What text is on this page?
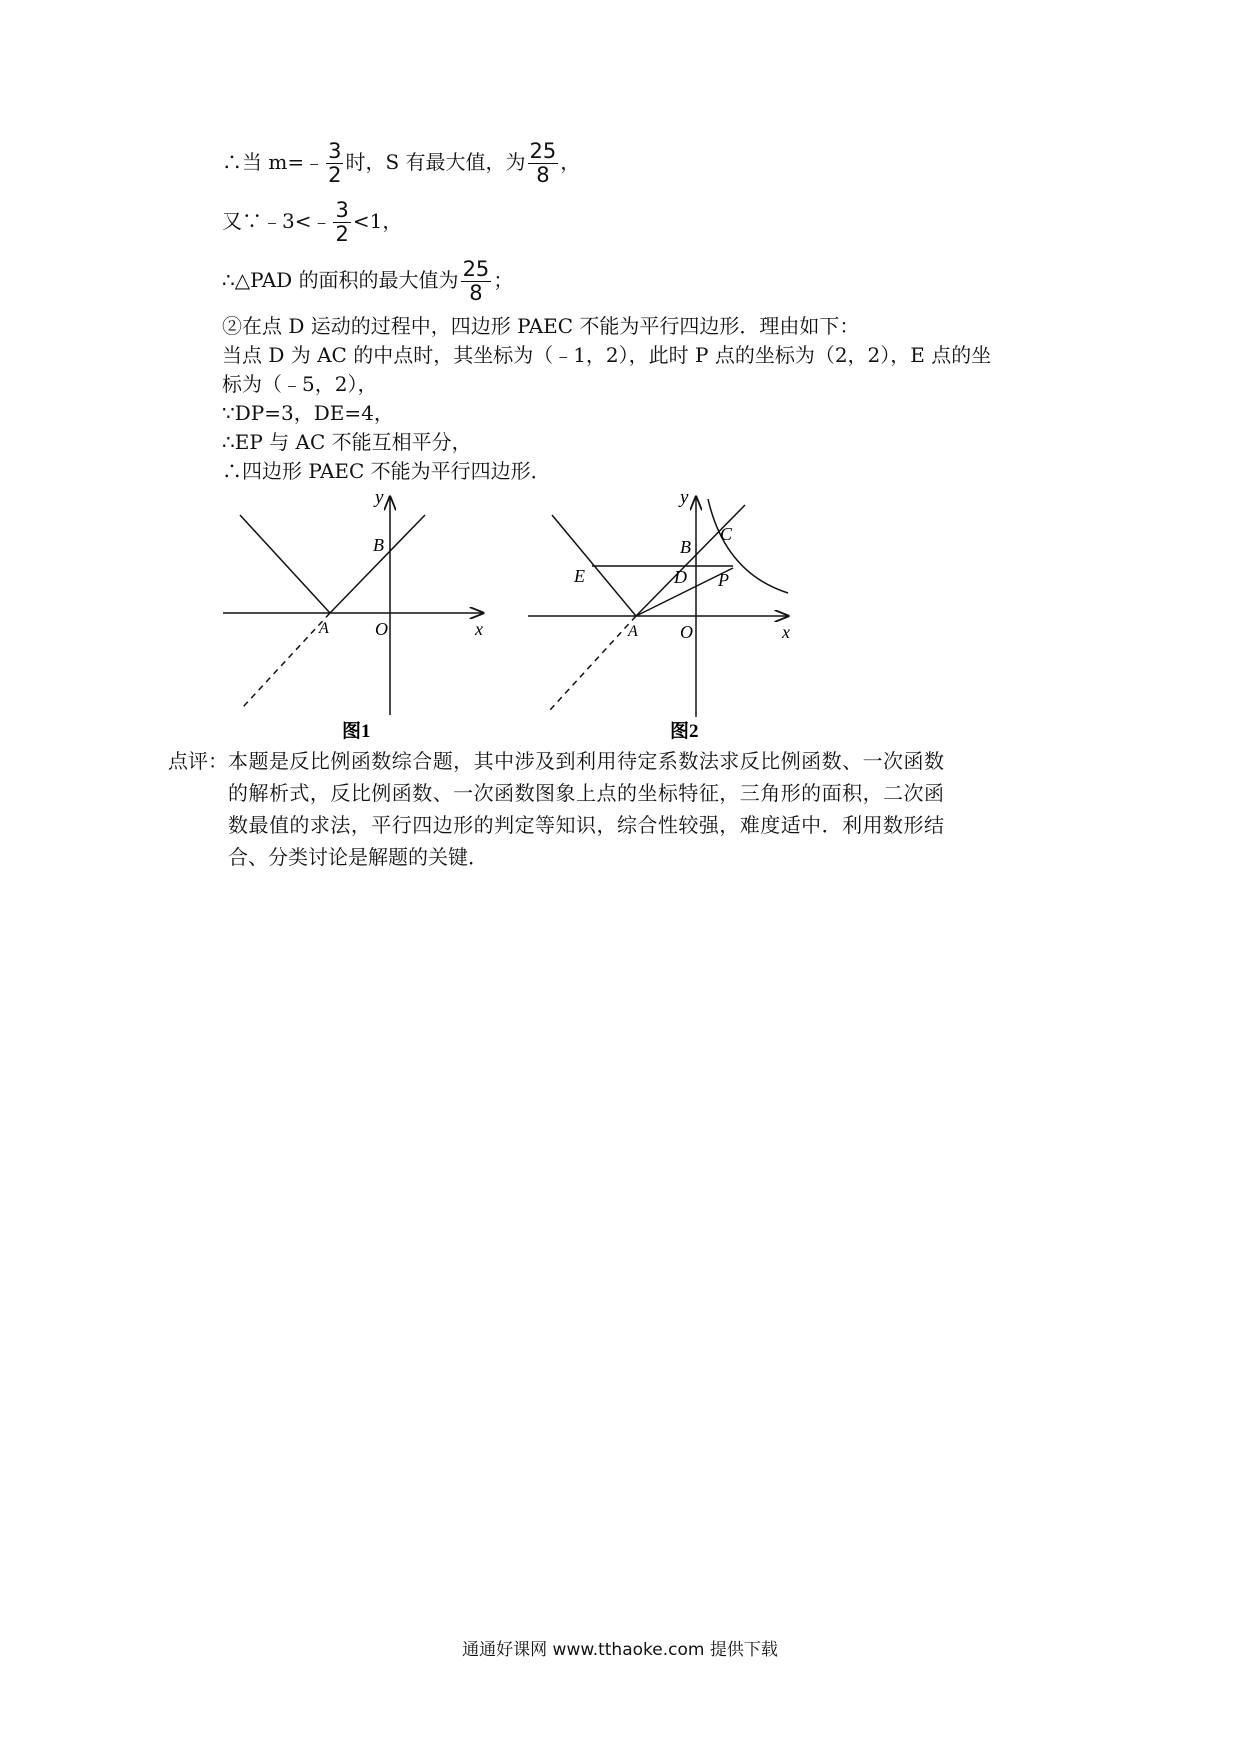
∴当 m=﹣ $\frac{3}{2}$ 时，S 有最大值，为 $\frac{25}{8}$ ，
又∵﹣3<﹣ $\frac{3}{2} <1$，
∴△PAD 的面积的最大值为 $\frac{25}{8}$ ；
②在点 D 运动的过程中，四边形 PAEC 不能为平行四边形．理由如下：
当点 D 为 AC 的中点时，其坐标为（﹣1，2），此时 P 点的坐标为（2，2），E 点的坐
标为（﹣5，2），
∵DP=3，DE=4，
∴EP 与 AC 不能互相平分，
∴四边形 PAEC 不能为平行四边形．
y
B
A	O	x
图1
y
C
B
E	D P
A O	x
图2
点评： 本题是反比例函数综合题，其中涉及到利用待定系数法求反比例函数、一次函数的解析式，反比例函数、一次函数图象上点的坐标特征，三角形的面积，二次函数最值的求法，平行四边形的判定等知识，综合性较强，难度适中．利用数形结合、分类讨论是解题的关键．
通通好课网 www.tthaoke.com 提供下载
